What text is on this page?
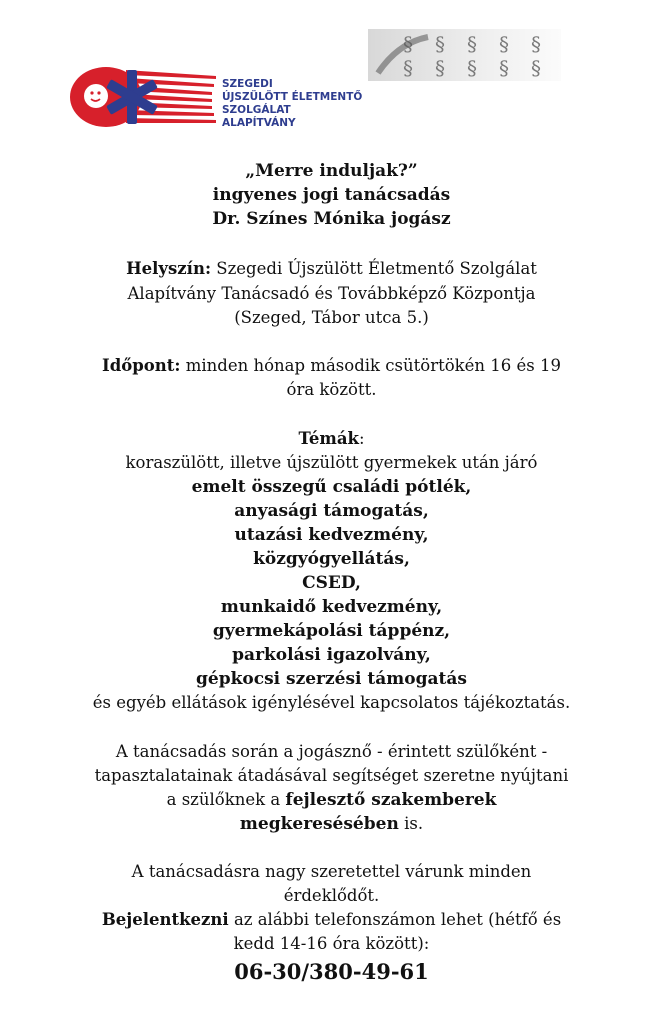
SZEGEDI
ÚJSZÜLÖTT ÉLETMENTŐ
SZOLGÁLAT
ALAPÍTVÁNY
§ § § § §
§ § § § §
„Merre induljak?”
ingyenes jogi tanácsadás
Dr. Színes Mónika jogász
Helyszín: Szegedi Újszülött Életmentő Szolgálat
Alapítvány Tanácsadó és Továbbképző Központja
(Szeged, Tábor utca 5.)
Időpont: minden hónap második csütörtökén 16 és 19
óra között.
Témák:
koraszülött, illetve újszülött gyermekek után járó
emelt összegű családi pótlék,
anyasági támogatás,
utazási kedvezmény,
közgyógyellátás,
CSED,
munkaidő kedvezmény,
gyermekápolási táppénz,
parkolási igazolvány,
gépkocsi szerzési támogatás
és egyéb ellátások igénylésével kapcsolatos tájékoztatás.
A tanácsadás során a jogásznő - érintett szülőként -
tapasztalatainak átadásával segítséget szeretne nyújtani
a szülőknek a fejlesztő szakemberek
megkeresésében is.
A tanácsadásra nagy szeretettel várunk minden
érdeklődőt.
Bejelentkezni az alábbi telefonszámon lehet (hétfő és
kedd 14-16 óra között):
06-30/380-49-61
